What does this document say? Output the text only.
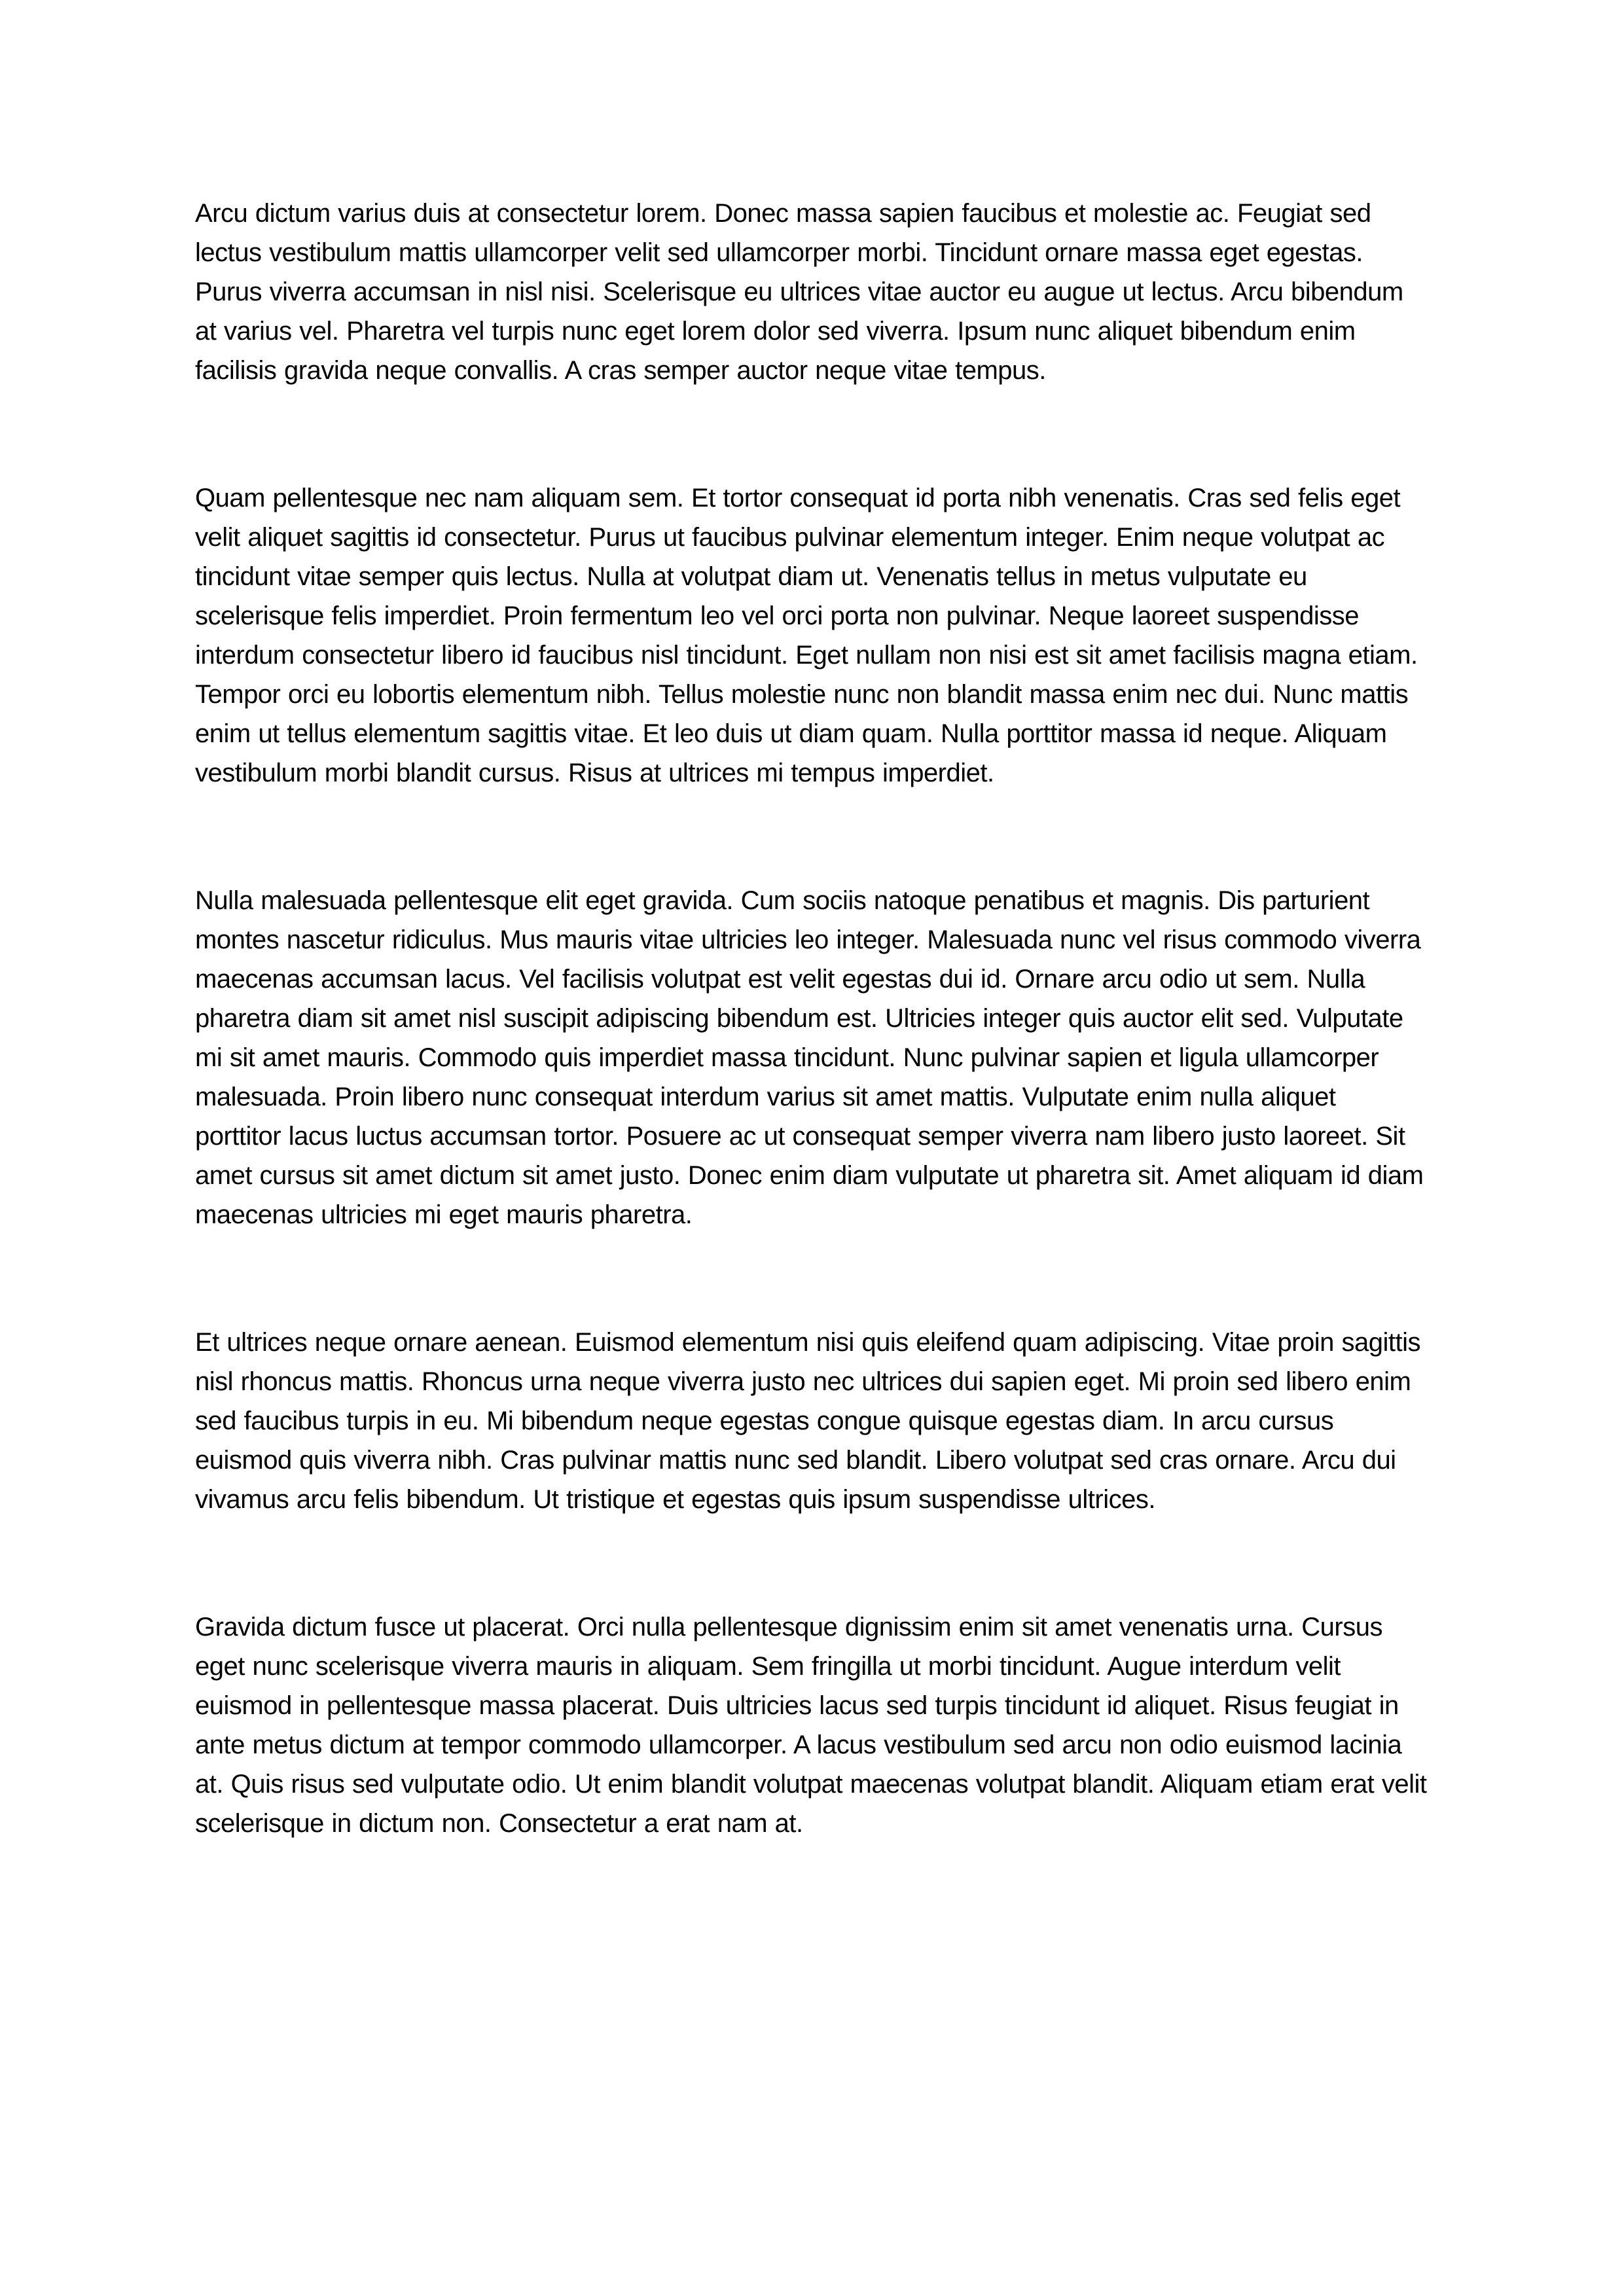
Arcu dictum varius duis at consectetur lorem. Donec massa sapien faucibus et molestie ac. Feugiat sed lectus vestibulum mattis ullamcorper velit sed ullamcorper morbi. Tincidunt ornare massa eget egestas. Purus viverra accumsan in nisl nisi. Scelerisque eu ultrices vitae auctor eu augue ut lectus. Arcu bibendum at varius vel. Pharetra vel turpis nunc eget lorem dolor sed viverra. Ipsum nunc aliquet bibendum enim facilisis gravida neque convallis. A cras semper auctor neque vitae tempus.

Quam pellentesque nec nam aliquam sem. Et tortor consequat id porta nibh venenatis. Cras sed felis eget velit aliquet sagittis id consectetur. Purus ut faucibus pulvinar elementum integer. Enim neque volutpat ac tincidunt vitae semper quis lectus. Nulla at volutpat diam ut. Venenatis tellus in metus vulputate eu scelerisque felis imperdiet. Proin fermentum leo vel orci porta non pulvinar. Neque laoreet suspendisse interdum consectetur libero id faucibus nisl tincidunt. Eget nullam non nisi est sit amet facilisis magna etiam. Tempor orci eu lobortis elementum nibh. Tellus molestie nunc non blandit massa enim nec dui. Nunc mattis enim ut tellus elementum sagittis vitae. Et leo duis ut diam quam. Nulla porttitor massa id neque. Aliquam vestibulum morbi blandit cursus. Risus at ultrices mi tempus imperdiet.

Nulla malesuada pellentesque elit eget gravida. Cum sociis natoque penatibus et magnis. Dis parturient montes nascetur ridiculus. Mus mauris vitae ultricies leo integer. Malesuada nunc vel risus commodo viverra maecenas accumsan lacus. Vel facilisis volutpat est velit egestas dui id. Ornare arcu odio ut sem. Nulla pharetra diam sit amet nisl suscipit adipiscing bibendum est. Ultricies integer quis auctor elit sed. Vulputate mi sit amet mauris. Commodo quis imperdiet massa tincidunt. Nunc pulvinar sapien et ligula ullamcorper malesuada. Proin libero nunc consequat interdum varius sit amet mattis. Vulputate enim nulla aliquet porttitor lacus luctus accumsan tortor. Posuere ac ut consequat semper viverra nam libero justo laoreet. Sit amet cursus sit amet dictum sit amet justo. Donec enim diam vulputate ut pharetra sit. Amet aliquam id diam maecenas ultricies mi eget mauris pharetra.

Et ultrices neque ornare aenean. Euismod elementum nisi quis eleifend quam adipiscing. Vitae proin sagittis nisl rhoncus mattis. Rhoncus urna neque viverra justo nec ultrices dui sapien eget. Mi proin sed libero enim sed faucibus turpis in eu. Mi bibendum neque egestas congue quisque egestas diam. In arcu cursus euismod quis viverra nibh. Cras pulvinar mattis nunc sed blandit. Libero volutpat sed cras ornare. Arcu dui vivamus arcu felis bibendum. Ut tristique et egestas quis ipsum suspendisse ultrices.

Gravida dictum fusce ut placerat. Orci nulla pellentesque dignissim enim sit amet venenatis urna. Cursus eget nunc scelerisque viverra mauris in aliquam. Sem fringilla ut morbi tincidunt. Augue interdum velit euismod in pellentesque massa placerat. Duis ultricies lacus sed turpis tincidunt id aliquet. Risus feugiat in ante metus dictum at tempor commodo ullamcorper. A lacus vestibulum sed arcu non odio euismod lacinia at. Quis risus sed vulputate odio. Ut enim blandit volutpat maecenas volutpat blandit. Aliquam etiam erat velit scelerisque in dictum non. Consectetur a erat nam at.
